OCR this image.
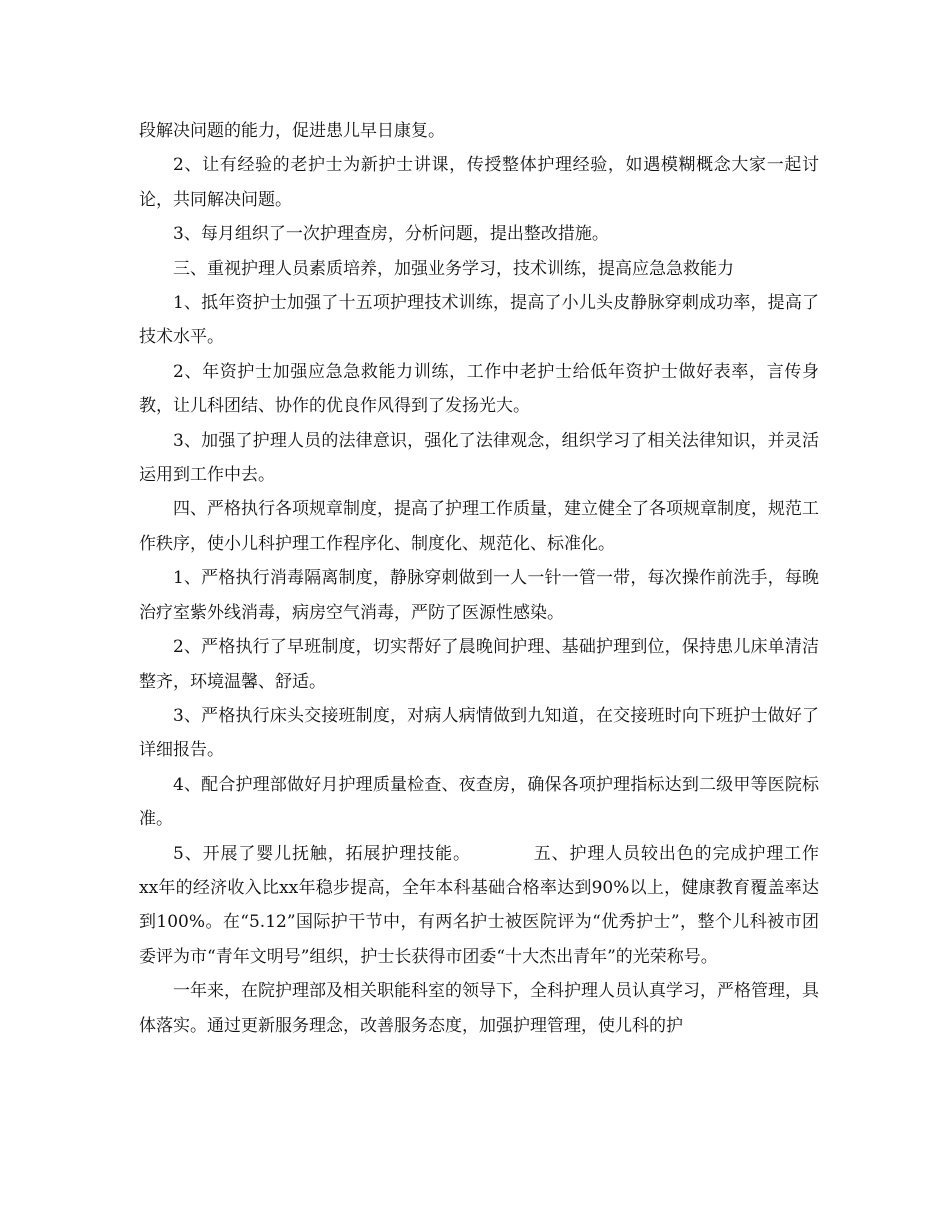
段解决问题的能力，促进患儿早日康复。

2、让有经验的老护士为新护士讲课，传授整体护理经验，如遇模糊概念大家一起讨论，共同解决问题。

3、每月组织了一次护理查房，分析问题，提出整改措施。

三、重视护理人员素质培养，加强业务学习，技术训练，提高应急急救能力

1、抵年资护士加强了十五项护理技术训练，提高了小儿头皮静脉穿刺成功率，提高了技术水平。

2、年资护士加强应急急救能力训练，工作中老护士给低年资护士做好表率，言传身教，让儿科团结、协作的优良作风得到了发扬光大。

3、加强了护理人员的法律意识，强化了法律观念，组织学习了相关法律知识，并灵活运用到工作中去。

四、严格执行各项规章制度，提高了护理工作质量，建立健全了各项规章制度，规范工作秩序，使小儿科护理工作程序化、制度化、规范化、标准化。

1、严格执行消毒隔离制度，静脉穿刺做到一人一针一管一带，每次操作前洗手，每晚治疗室紫外线消毒，病房空气消毒，严防了医源性感染。

2、严格执行了早班制度，切实帮好了晨晚间护理、基础护理到位，保持患儿床单清洁整齐，环境温馨、舒适。

3、严格执行床头交接班制度，对病人病情做到九知道，在交接班时向下班护士做好了详细报告。

4、配合护理部做好月护理质量检查、夜查房，确保各项护理指标达到二级甲等医院标准。

5、开展了婴儿抚触，拓展护理技能。          五、护理人员较出色的完成护理工作        xx年的经济收入比xx年稳步提高，全年本科基础合格率达到90%以上，健康教育覆盖率达到100%。在“5.12”国际护干节中，有两名护士被医院评为“优秀护士”，整个儿科被市团委评为市“青年文明号”组织，护士长获得市团委“十大杰出青年”的光荣称号。

一年来，在院护理部及相关职能科室的领导下，全科护理人员认真学习，严格管理，具体落实。通过更新服务理念，改善服务态度，加强护理管理，使儿科的护
